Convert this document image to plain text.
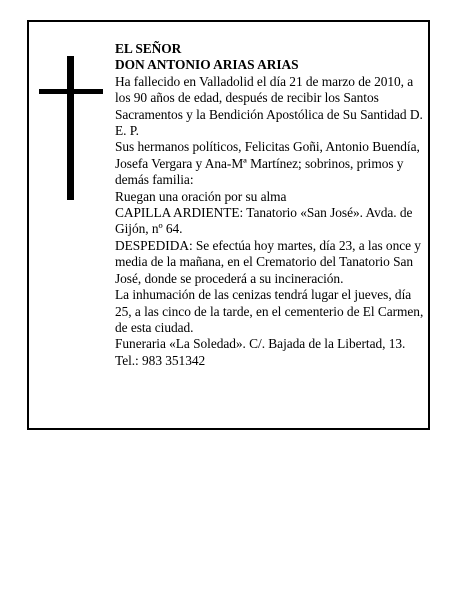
EL SEÑOR

DON ANTONIO ARIAS ARIAS

Ha fallecido en Valladolid el día 21 de marzo de 2010, a los 90 años de edad, después de recibir los Santos Sacramentos y la Bendición Apostólica de Su Santidad D. E. P.

Sus hermanos políticos, Felicitas Goñi, Antonio Buendía, Josefa Vergara y Ana-Mª Martínez; sobrinos, primos y demás familia:

Ruegan una oración por su alma

CAPILLA ARDIENTE: Tanatorio «San José». Avda. de Gijón, nº 64.

DESPEDIDA: Se efectúa hoy martes, día 23, a las once y media de la mañana, en el Crematorio del Tanatorio San José, donde se procederá a su incineración.

La inhumación de las cenizas tendrá lugar el jueves, día 25, a las cinco de la tarde, en el cementerio de El Carmen, de esta ciudad.

Funeraria «La Soledad». C/. Bajada de la Libertad, 13.

Tel.: 983 351342
